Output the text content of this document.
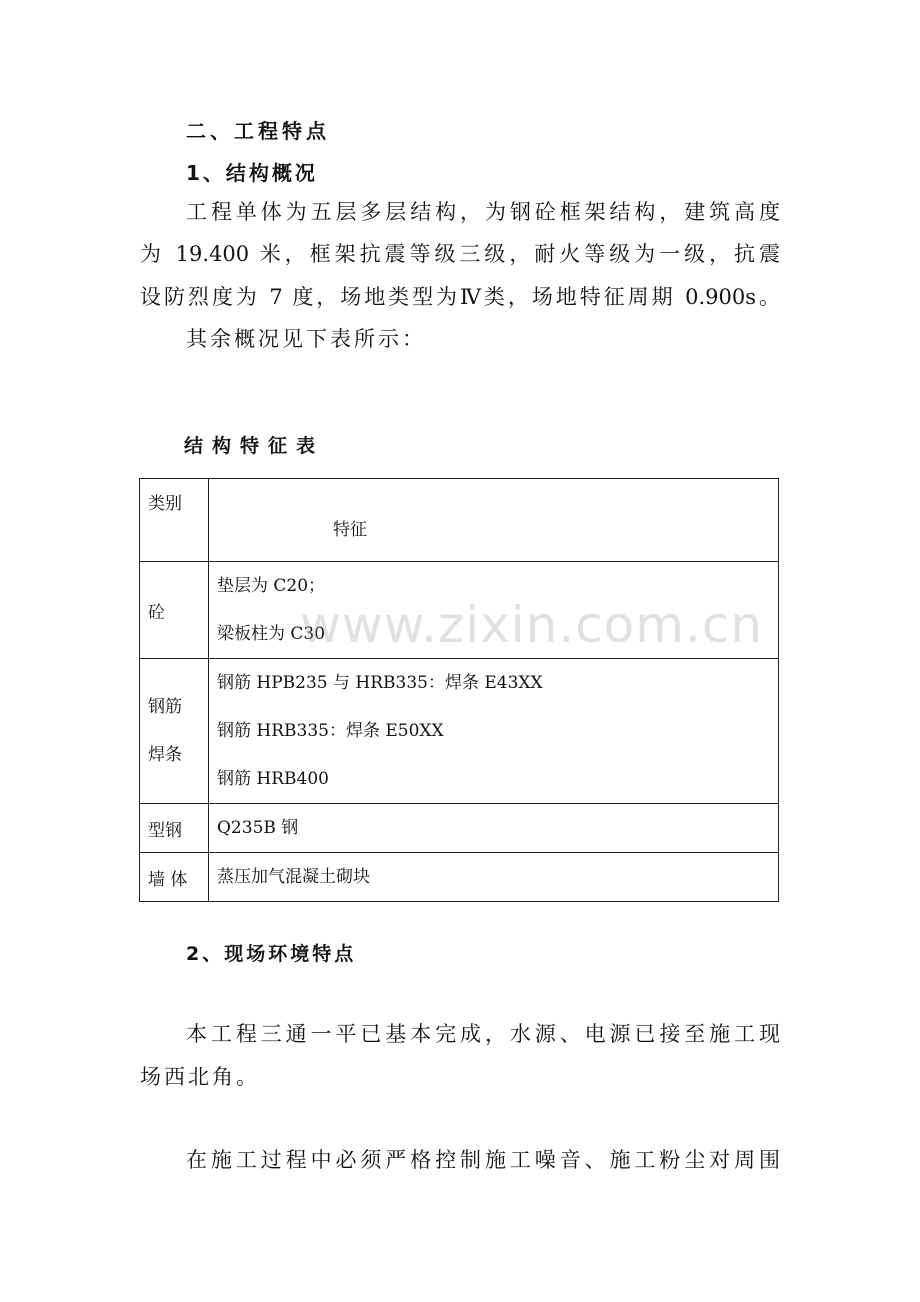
二、工程特点
1、结构概况
工程单体为五层多层结构，为钢砼框架结构，建筑高度
为 19.400 米，框架抗震等级三级，耐火等级为一级，抗震
设防烈度为 7 度，场地类型为Ⅳ类，场地特征周期 0.900s。
其余概况见下表所示：
结构特征表
类别	特征

砼	垫层为 C20；
梁板柱为 C30

钢筋
焊条	钢筋 HPB235 与 HRB335：焊条 E43XX
钢筋 HRB335：焊条 E50XX
钢筋 HRB400

型钢	Q235B 钢

墙 体	蒸压加气混凝土砌块
2、现场环境特点
本工程三通一平已基本完成，水源、电源已接至施工现
场西北角。
在施工过程中必须严格控制施工噪音、施工粉尘对周围
www.zixin.com.cn
